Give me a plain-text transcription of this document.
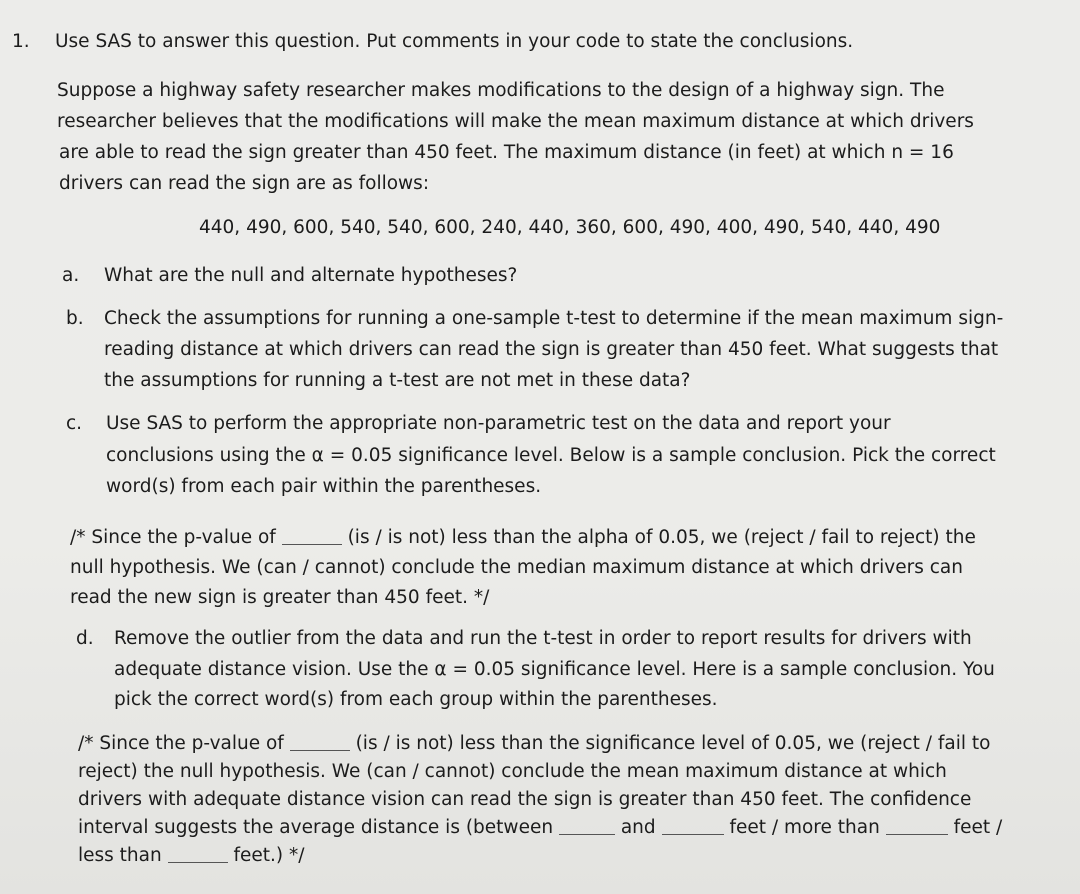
1. Use SAS to answer this question. Put comments in your code to state the conclusions.
Suppose a highway safety researcher makes modifications to the design of a highway sign. The
researcher believes that the modifications will make the mean maximum distance at which drivers
are able to read the sign greater than 450 feet. The maximum distance (in feet) at which n = 16
drivers can read the sign are as follows:
440, 490, 600, 540, 540, 600, 240, 440, 360, 600, 490, 400, 490, 540, 440, 490
a. What are the null and alternate hypotheses?
b. Check the assumptions for running a one-sample t-test to determine if the mean maximum sign-
reading distance at which drivers can read the sign is greater than 450 feet. What suggests that
the assumptions for running a t-test are not met in these data?
c. Use SAS to perform the appropriate non-parametric test on the data and report your
conclusions using the α = 0.05 significance level. Below is a sample conclusion. Pick the correct
word(s) from each pair within the parentheses.
/* Since the p-value of	(is / is not) less than the alpha of 0.05, we (reject / fail to reject) the
null hypothesis. We (can / cannot) conclude the median maximum distance at which drivers can
read the new sign is greater than 450 feet. */
d. Remove the outlier from the data and run the t-test in order to report results for drivers with
adequate distance vision. Use the α = 0.05 significance level. Here is a sample conclusion. You
pick the correct word(s) from each group within the parentheses.
/* Since the p-value of	(is / is not) less than the significance level of 0.05, we (reject / fail to
reject) the null hypothesis. We (can / cannot) conclude the mean maximum distance at which
drivers with adequate distance vision can read the sign is greater than 450 feet. The confidence
interval suggests the average distance is (between	and	feet / more than	feet /
less than	feet.) */
